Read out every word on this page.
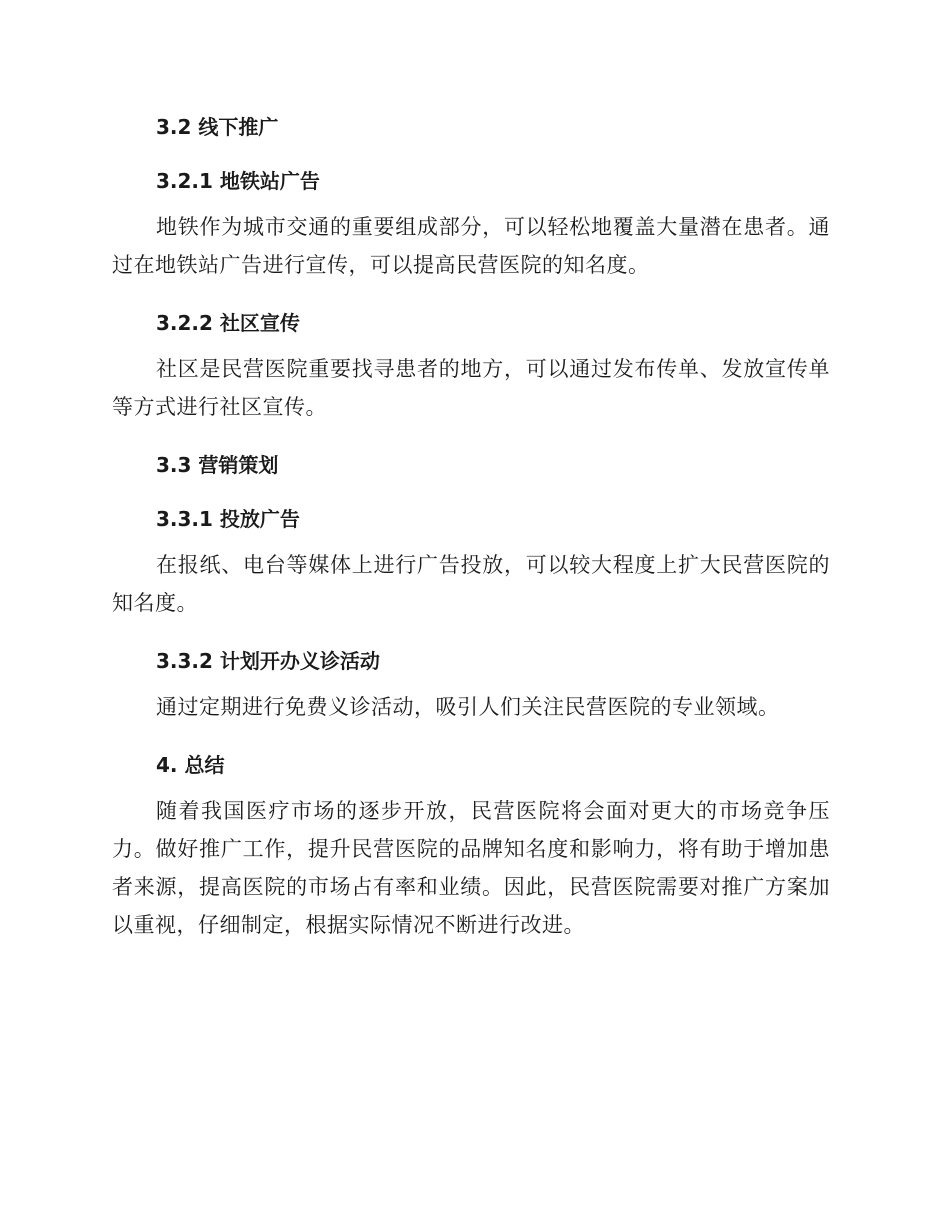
3.2 线下推广
3.2.1 地铁站广告

地铁作为城市交通的重要组成部分，可以轻松地覆盖大量潜在患者。通过在地铁站广告进行宣传，可以提高民营医院的知名度。

3.2.2 社区宣传

社区是民营医院重要找寻患者的地方，可以通过发布传单、发放宣传单等方式进行社区宣传。

3.3 营销策划
3.3.1 投放广告

在报纸、电台等媒体上进行广告投放，可以较大程度上扩大民营医院的知名度。

3.3.2 计划开办义诊活动

通过定期进行免费义诊活动，吸引人们关注民营医院的专业领域。

4. 总结

随着我国医疗市场的逐步开放，民营医院将会面对更大的市场竞争压力。做好推广工作，提升民营医院的品牌知名度和影响力，将有助于增加患者来源，提高医院的市场占有率和业绩。因此，民营医院需要对推广方案加以重视，仔细制定，根据实际情况不断进行改进。
